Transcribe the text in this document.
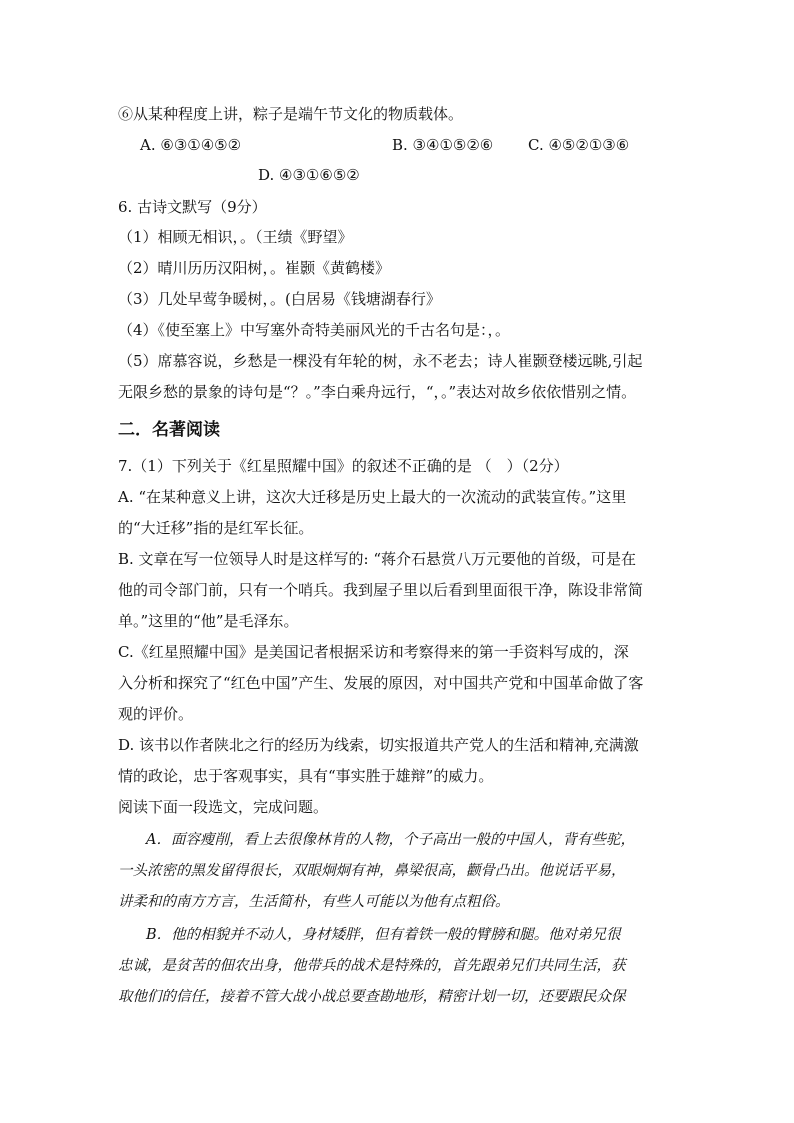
⑥从某种程度上讲，粽子是端午节文化的物质载体。
A. ⑥③①④⑤②	B. ③④①⑤②⑥ C. ④⑤②①③⑥
D. ④③①⑥⑤②
6. 古诗文默写（9分）
（1）相顾无相识，。（王绩《野望》
（2）晴川历历汉阳树，。崔颢《黄鹤楼》
（3）几处早莺争暖树，。(白居易《钱塘湖春行》
（4）《使至塞上》中写塞外奇特美丽风光的千古名句是：，。
（5）席慕容说，乡愁是一棵没有年轮的树，永不老去；诗人崔颢登楼远眺,引起
无限乡愁的景象的诗句是“？。”李白乘舟远行，“，。”表达对故乡依依惜别之情。
二．名著阅读
7.（1）下列关于《红星照耀中国》的叙述不正确的是 （　）（2分）
A. “在某种意义上讲，这次大迁移是历史上最大的一次流动的武装宣传。”这里
的“大迁移”指的是红军长征。
B. 文章在写一位领导人时是这样写的: “蒋介石悬赏八万元要他的首级，可是在
他的司令部门前，只有一个哨兵。我到屋子里以后看到里面很干净，陈设非常简
单。”这里的“他”是毛泽东。
C.《红星照耀中国》是美国记者根据采访和考察得来的第一手资料写成的，深
入分析和探究了“红色中国”产生、发展的原因，对中国共产党和中国革命做了客
观的评价。
D. 该书以作者陕北之行的经历为线索，切实报道共产党人的生活和精神,充满激
情的政论，忠于客观事实，具有“事实胜于雄辩”的威力。
阅读下面一段选文，完成问题。
A．面容瘦削，看上去很像林肯的人物，个子高出一般的中国人，背有些驼，
一头浓密的黑发留得很长，双眼炯炯有神，鼻梁很高，颧骨凸出。他说话平易，
讲柔和的南方方言，生活简朴，有些人可能以为他有点粗俗。
B．他的相貌并不动人，身材矮胖，但有着铁一般的臂膀和腿。他对弟兄很
忠诚，是贫苦的佃农出身，他带兵的战术是特殊的，首先跟弟兄们共同生活，获
取他们的信任，接着不管大战小战总要查勘地形，精密计划一切，还要跟民众保
